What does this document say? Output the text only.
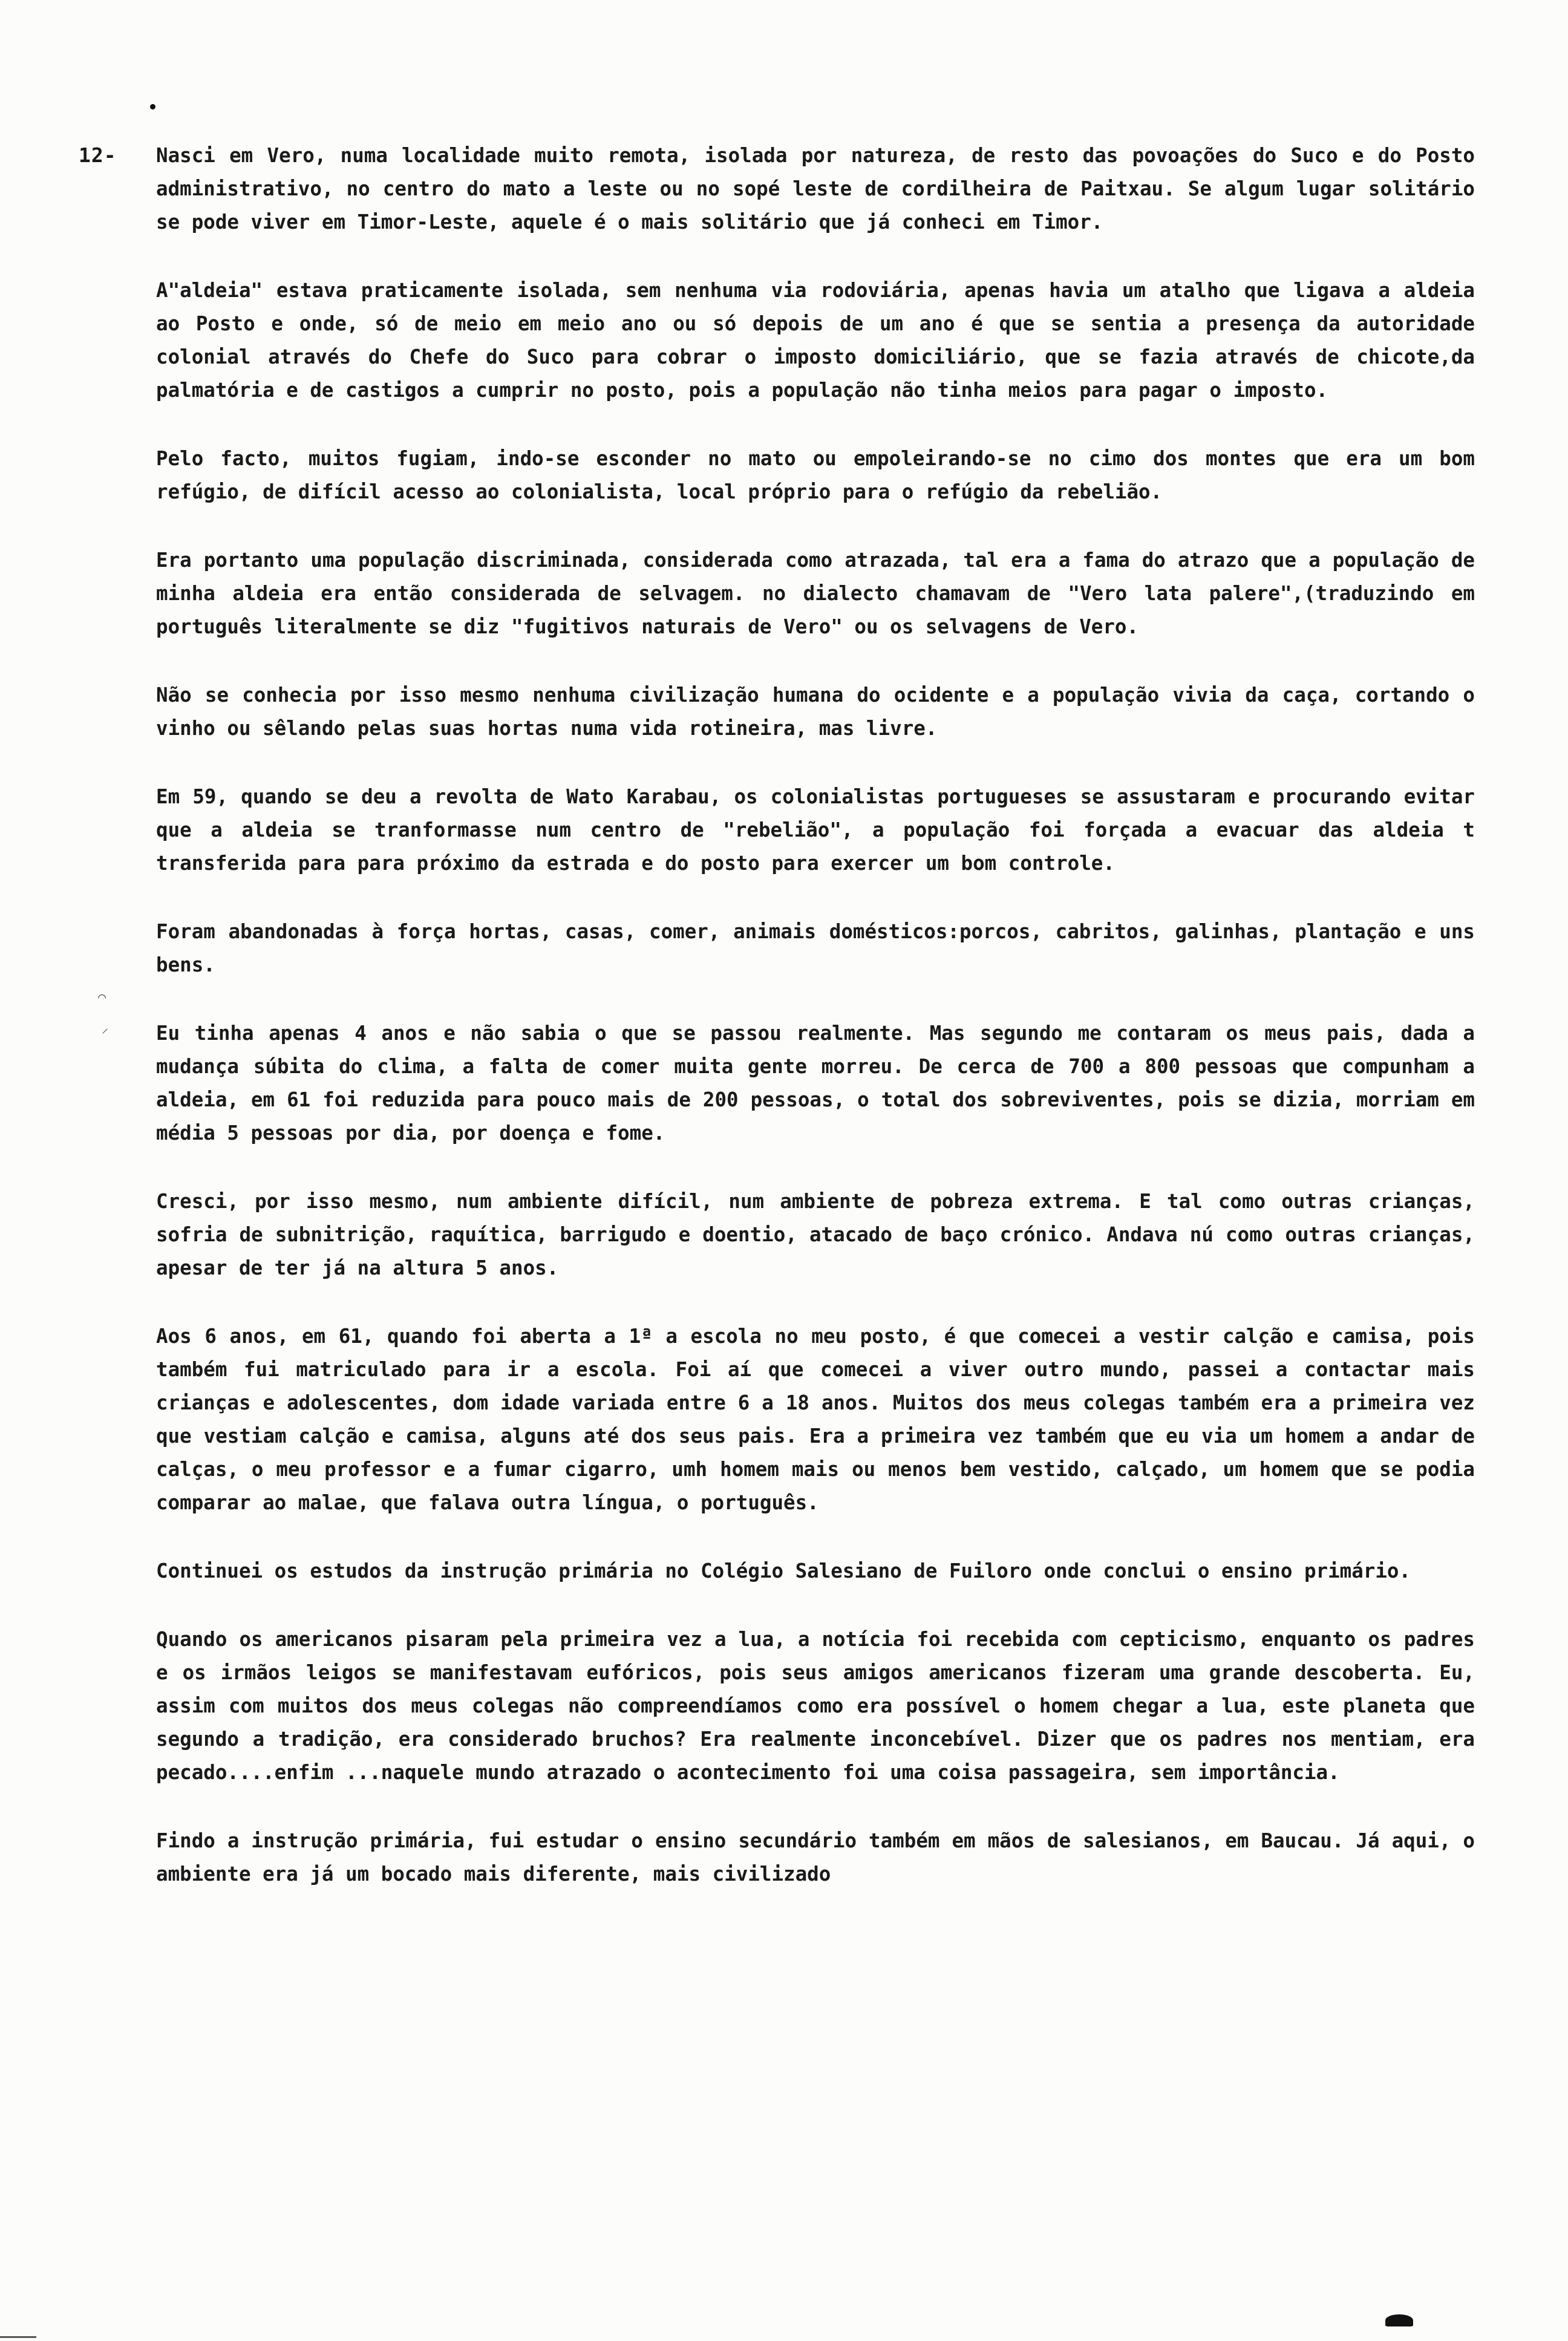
12-
⌒
⸝

Nasci em Vero, numa localidade muito remota, isolada por natureza, de resto das povoações do Suco e do Posto administrativo, no centro do mato a leste ou no sopé leste de cordilheira de Paitxau. Se algum lugar solitário se pode viver em Timor-Leste, aquele é o mais solitário que já conheci em Timor.

A"aldeia" estava praticamente isolada, sem nenhuma via rodoviária, apenas havia um atalho que ligava a aldeia ao Posto e onde, só de meio em meio ano ou só depois de um ano é que se sentia a presença da autoridade colonial através do Chefe do Suco para cobrar o imposto domiciliário, que se fazia através de chicote,da palmatória e de castigos a cumprir no posto, pois a população não tinha meios para pagar o imposto.

Pelo facto, muitos fugiam, indo-se esconder no mato ou empoleirando-se no cimo dos montes que era um bom refúgio, de difícil acesso ao colonialista, local próprio para o refúgio da rebelião.

Era portanto uma população discriminada, considerada como atrazada, tal era a fama do atrazo que a população de minha aldeia era então considerada de selvagem. no dialecto chamavam de "Vero lata palere",(traduzindo em português literalmente se diz "fugitivos naturais de Vero" ou os selvagens de Vero.

Não se conhecia por isso mesmo nenhuma civilização humana do ocidente e a população vivia da caça, cortando o vinho ou sêlando pelas suas hortas numa vida rotineira, mas livre.

Em 59, quando se deu a revolta de Wato Karabau, os colonialistas portugueses se assustaram e procurando evitar que a aldeia se tranformasse num centro de "rebelião", a população foi forçada a evacuar das aldeia t transferida para para próximo da estrada e do posto para exercer um bom controle.

Foram abandonadas à força hortas, casas, comer, animais domésticos:porcos, cabritos, galinhas, plantação e uns bens.

Eu tinha apenas 4 anos e não sabia o que se passou realmente. Mas segundo me contaram os meus pais, dada a mudança súbita do clima, a falta de comer muita gente morreu. De cerca de 700 a 800 pessoas que compunham a aldeia, em 61 foi reduzida para pouco mais de 200 pessoas, o total dos sobreviventes, pois se dizia, morriam em média 5 pessoas por dia, por doença e fome.

Cresci, por isso mesmo, num ambiente difícil, num ambiente de pobreza extrema. E tal como outras crianças, sofria de subnitrição, raquítica, barrigudo e doentio, atacado de baço crónico. Andava nú como outras crianças, apesar de ter já na altura 5 anos.

Aos 6 anos, em 61, quando foi aberta a 1ª a escola no meu posto, é que comecei a vestir calção e camisa, pois também fui matriculado para ir a escola. Foi aí que comecei a viver outro mundo, passei a contactar mais crianças e adolescentes, dom idade variada entre 6 a 18 anos. Muitos dos meus colegas também era a primeira vez que vestiam calção e camisa, alguns até dos seus pais. Era a primeira vez também que eu via um homem a andar de calças, o meu professor e a fumar cigarro, umh homem mais ou menos bem vestido, calçado, um homem que se podia comparar ao malae, que falava outra língua, o português.

Continuei os estudos da instrução primária no Colégio Salesiano de Fuiloro onde conclui o ensino primário.

Quando os americanos pisaram pela primeira vez a lua, a notícia foi recebida com cepticismo, enquanto os padres e os irmãos leigos se manifestavam eufóricos, pois seus amigos americanos fizeram uma grande descoberta. Eu, assim com muitos dos meus colegas não compreendíamos como era possível o homem chegar a lua, este planeta que segundo a tradição, era considerado bruchos? Era realmente inconcebível. Dizer que os padres nos mentiam, era pecado....enfim ...naquele mundo atrazado o acontecimento foi uma coisa passageira, sem importância.

Findo a instrução primária, fui estudar o ensino secundário também em mãos de salesianos, em Baucau. Já aqui, o ambiente era já um bocado mais diferente, mais civilizado
